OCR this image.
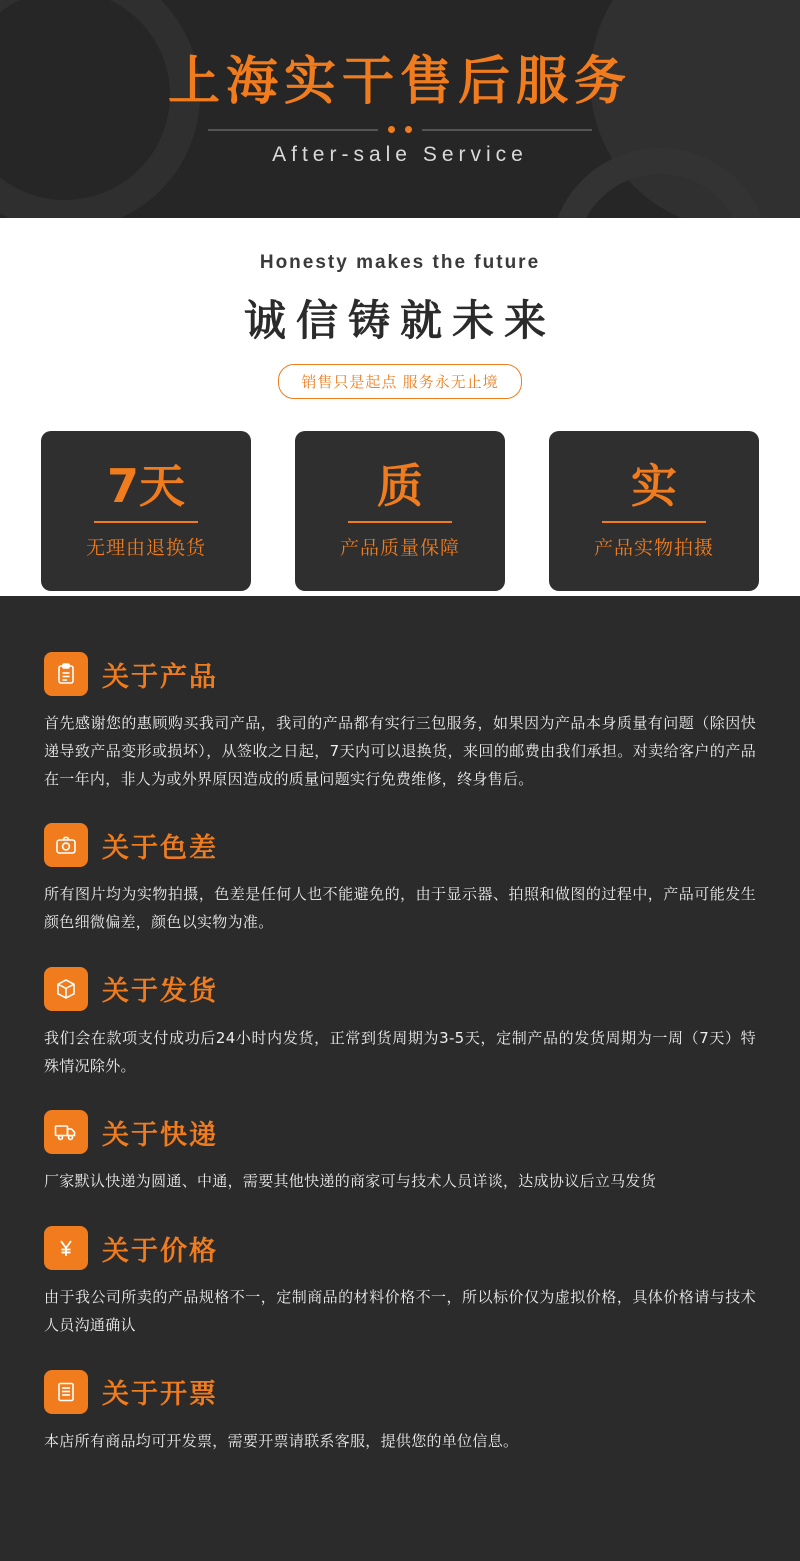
上海实干售后服务
After-sale Service
Honesty makes the future
诚信铸就未来
销售只是起点 服务永无止境
7天
无理由退换货
质
产品质量保障
实
产品实物拍摄
关于产品
首先感谢您的惠顾购买我司产品，我司的产品都有实行三包服务，如果因为产品本身质量有问题（除因快递导致产品变形或损坏），从签收之日起，7天内可以退换货，来回的邮费由我们承担。对卖给客户的产品在一年内，非人为或外界原因造成的质量问题实行免费维修，终身售后。
关于色差
所有图片均为实物拍摄，色差是任何人也不能避免的，由于显示器、拍照和做图的过程中，产品可能发生颜色细微偏差，颜色以实物为准。
关于发货
我们会在款项支付成功后24小时内发货，正常到货周期为3-5天，定制产品的发货周期为一周（7天）特殊情况除外。
关于快递
厂家默认快递为圆通、中通，需要其他快递的商家可与技术人员详谈，达成协议后立马发货
关于价格
由于我公司所卖的产品规格不一，定制商品的材料价格不一，所以标价仅为虚拟价格，具体价格请与技术人员沟通确认
关于开票
本店所有商品均可开发票，需要开票请联系客服，提供您的单位信息。
